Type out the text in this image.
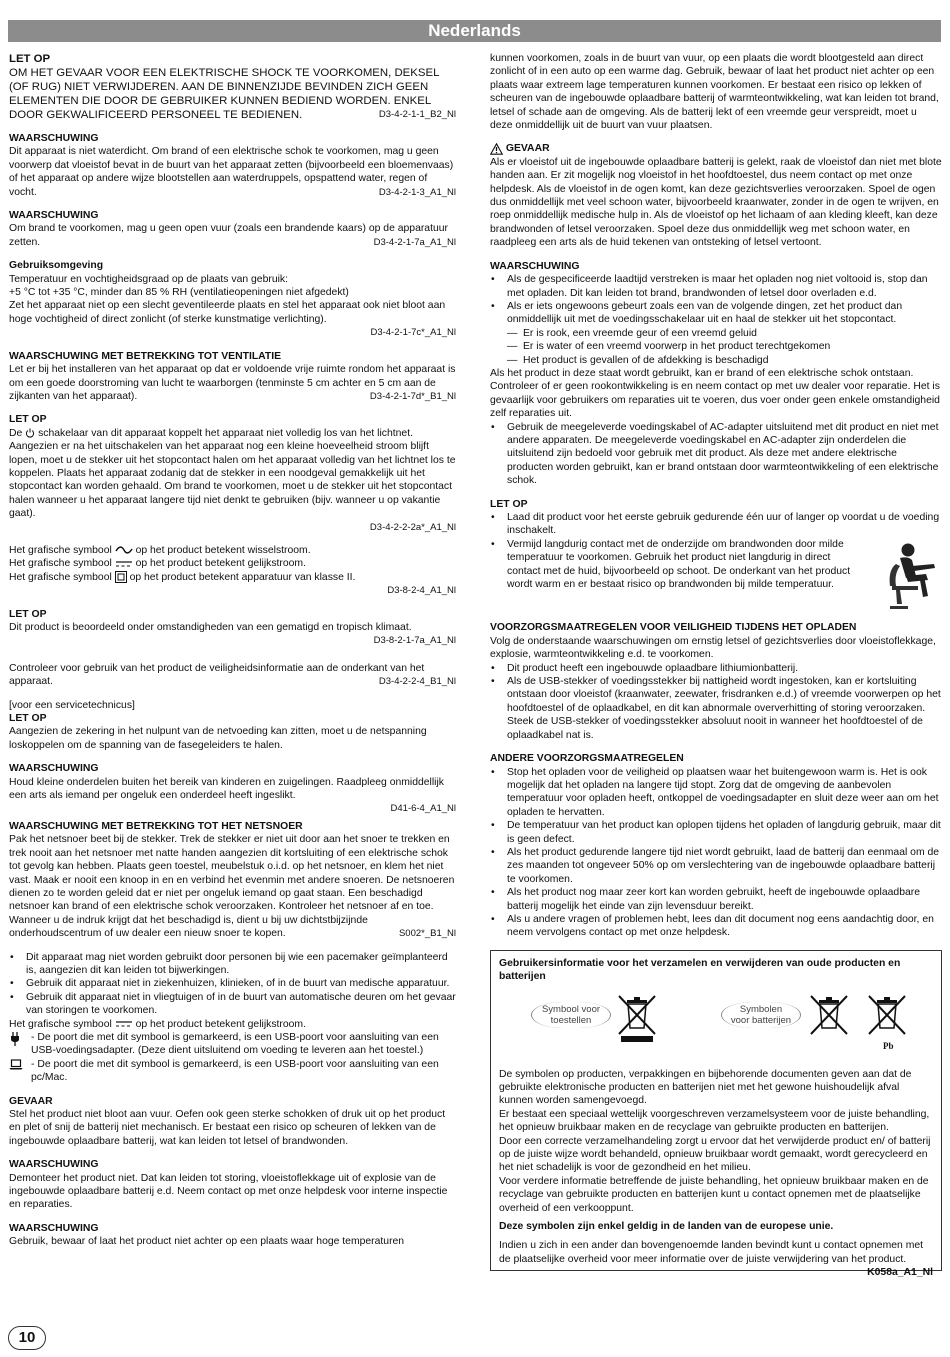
Nederlands
LET OP
OM HET GEVAAR VOOR EEN ELEKTRISCHE SHOCK TE VOORKOMEN, DEKSEL (OF RUG) NIET VERWIJDEREN. AAN DE BINNENZIJDE BEVINDEN ZICH GEEN ELEMENTEN DIE DOOR DE GEBRUIKER KUNNEN BEDIEND WORDEN. ENKEL DOOR GEKWALIFICEERD PERSONEEL TE BEDIENEN.	D3-4-2-1-1_B2_Nl
WAARSCHUWING
Dit apparaat is niet waterdicht. Om brand of een elektrische schok te voorkomen, mag u geen voorwerp dat vloeistof bevat in de buurt van het apparaat zetten (bijvoorbeeld een bloemenvaas) of het apparaat op andere wijze blootstellen aan waterdruppels, opspattend water, regen of vocht.	D3-4-2-1-3_A1_Nl
WAARSCHUWING
Om brand te voorkomen, mag u geen open vuur (zoals een brandende kaars) op de apparatuur zetten.	D3-4-2-1-7a_A1_Nl
Gebruiksomgeving
Temperatuur en vochtigheidsgraad op de plaats van gebruik:
+5 °C tot +35 °C, minder dan 85 % RH (ventilatieopeningen niet afgedekt)
Zet het apparaat niet op een slecht geventileerde plaats en stel het apparaat ook niet bloot aan hoge vochtigheid of direct zonlicht (of sterke kunstmatige verlichting).
D3-4-2-1-7c*_A1_Nl
WAARSCHUWING MET BETREKKING TOT VENTILATIE
Let er bij het installeren van het apparaat op dat er voldoende vrije ruimte rondom het apparaat is om een goede doorstroming van lucht te waarborgen (tenminste 5 cm achter en 5 cm aan de zijkanten van het apparaat).	D3-4-2-1-7d*_B1_Nl
LET OP
De schakelaar van dit apparaat koppelt het apparaat niet volledig los van het lichtnet. Aangezien er na het uitschakelen van het apparaat nog een kleine hoeveelheid stroom blijft lopen, moet u de stekker uit het stopcontact halen om het apparaat volledig van het lichtnet los te koppelen. Plaats het apparaat zodanig dat de stekker in een noodgeval gemakkelijk uit het stopcontact kan worden gehaald. Om brand te voorkomen, moet u de stekker uit het stopcontact halen wanneer u het apparaat langere tijd niet denkt te gebruiken (bijv. wanneer u op vakantie gaat).
D3-4-2-2-2a*_A1_Nl
Het grafische symbool op het product betekent wisselstroom.
Het grafische symbool op het product betekent gelijkstroom.
Het grafische symbool op het product betekent apparatuur van klasse II.
D3-8-2-4_A1_Nl
LET OP
Dit product is beoordeeld onder omstandigheden van een gematigd en tropisch klimaat.
D3-8-2-1-7a_A1_Nl
Controleer voor gebruik van het product de veiligheidsinformatie aan de onderkant van het apparaat.	D3-4-2-2-4_B1_Nl
[voor een servicetechnicus]
LET OP
Aangezien de zekering in het nulpunt van de netvoeding kan zitten, moet u de netspanning loskoppelen om de spanning van de fasegeleiders te halen.
WAARSCHUWING
Houd kleine onderdelen buiten het bereik van kinderen en zuigelingen. Raadpleeg onmiddellijk een arts als iemand per ongeluk een onderdeel heeft ingeslikt.
D41-6-4_A1_Nl
WAARSCHUWING MET BETREKKING TOT HET NETSNOER
Pak het netsnoer beet bij de stekker. Trek de stekker er niet uit door aan het snoer te trekken en trek nooit aan het netsnoer met natte handen aangezien dit kortsluiting of een elektrische schok tot gevolg kan hebben. Plaats geen toestel, meubelstuk o.i.d. op het netsnoer, en klem het niet vast. Maak er nooit een knoop in en en verbind het evenmin met andere snoeren. De netsnoeren dienen zo te worden geleid dat er niet per ongeluk iemand op gaat staan. Een beschadigd netsnoer kan brand of een elektrische schok veroorzaken. Kontroleer het netsnoer af en toe. Wanneer u de indruk krijgt dat het beschadigd is, dient u bij uw dichtstbijzijnde onderhoudscentrum of uw dealer een nieuw snoer te kopen.	S002*_B1_Nl
• Dit apparaat mag niet worden gebruikt door personen bij wie een pacemaker geïmplanteerd is, aangezien dit kan leiden tot bijwerkingen.
• Gebruik dit apparaat niet in ziekenhuizen, klinieken, of in de buurt van medische apparatuur.
• Gebruik dit apparaat niet in vliegtuigen of in de buurt van automatische deuren om het gevaar van storingen te voorkomen.
Het grafische symbool op het product betekent gelijkstroom.
- De poort die met dit symbool is gemarkeerd, is een USB-poort voor aansluiting van een USB-voedingsadapter. (Deze dient uitsluitend om voeding te leveren aan het toestel.)
- De poort die met dit symbool is gemarkeerd, is een USB-poort voor aansluiting van een pc/Mac.
GEVAAR
Stel het product niet bloot aan vuur. Oefen ook geen sterke schokken of druk uit op het product en plet of snij de batterij niet mechanisch. Er bestaat een risico op scheuren of lekken van de ingebouwde oplaadbare batterij, wat kan leiden tot letsel of brandwonden.
WAARSCHUWING
Demonteer het product niet. Dat kan leiden tot storing, vloeistoflekkage uit of explosie van de ingebouwde oplaadbare batterij e.d. Neem contact op met onze helpdesk voor interne inspectie en reparaties.
WAARSCHUWING
Gebruik, bewaar of laat het product niet achter op een plaats waar hoge temperaturen
kunnen voorkomen, zoals in de buurt van vuur, op een plaats die wordt blootgesteld aan direct zonlicht of in een auto op een warme dag. Gebruik, bewaar of laat het product niet achter op een plaats waar extreem lage temperaturen kunnen voorkomen. Er bestaat een risico op lekken of scheuren van de ingebouwde oplaadbare batterij of warmteontwikkeling, wat kan leiden tot brand, letsel of schade aan de omgeving. Als de batterij lekt of een vreemde geur verspreidt, moet u deze onmiddellijk uit de buurt van vuur plaatsen.
GEVAAR
Als er vloeistof uit de ingebouwde oplaadbare batterij is gelekt, raak de vloeistof dan niet met blote handen aan. Er zit mogelijk nog vloeistof in het hoofdtoestel, dus neem contact op met onze helpdesk. Als de vloeistof in de ogen komt, kan deze gezichtsverlies veroorzaken. Spoel de ogen dus onmiddellijk met veel schoon water, bijvoorbeeld kraanwater, zonder in de ogen te wrijven, en roep onmiddellijk medische hulp in. Als de vloeistof op het lichaam of aan kleding kleeft, kan deze brandwonden of letsel veroorzaken. Spoel deze dus onmiddellijk weg met schoon water, en raadpleeg een arts als de huid tekenen van ontsteking of letsel vertoont.
WAARSCHUWING
• Als de gespecificeerde laadtijd verstreken is maar het opladen nog niet voltooid is, stop dan met opladen. Dit kan leiden tot brand, brandwonden of letsel door overladen e.d.
• Als er iets ongewoons gebeurt zoals een van de volgende dingen, zet het product dan onmiddellijk uit met de voedingsschakelaar uit en haal de stekker uit het stopcontact.
— Er is rook, een vreemde geur of een vreemd geluid
— Er is water of een vreemd voorwerp in het product terechtgekomen
— Het product is gevallen of de afdekking is beschadigd
Als het product in deze staat wordt gebruikt, kan er brand of een elektrische schok ontstaan. Controleer of er geen rookontwikkeling is en neem contact op met uw dealer voor reparatie. Het is gevaarlijk voor gebruikers om reparaties uit te voeren, dus voer onder geen enkele omstandigheid zelf reparaties uit.
• Gebruik de meegeleverde voedingskabel of AC-adapter uitsluitend met dit product en niet met andere apparaten. De meegeleverde voedingskabel en AC-adapter zijn onderdelen die uitsluitend zijn bedoeld voor gebruik met dit product. Als deze met andere elektrische producten worden gebruikt, kan er brand ontstaan door warmteontwikkeling of een elektrische schok.
LET OP
• Laad dit product voor het eerste gebruik gedurende één uur of langer op voordat u de voeding inschakelt.
• Vermijd langdurig contact met de onderzijde om brandwonden door milde temperatuur te voorkomen. Gebruik het product niet langdurig in direct contact met de huid, bijvoorbeeld op schoot. De onderkant van het product wordt warm en er bestaat risico op brandwonden bij milde temperatuur.
VOORZORGSMAATREGELEN VOOR VEILIGHEID TIJDENS HET OPLADEN
Volg de onderstaande waarschuwingen om ernstig letsel of gezichtsverlies door vloeistoflekkage, explosie, warmteontwikkeling e.d. te voorkomen.
• Dit product heeft een ingebouwde oplaadbare lithiumionbatterij.
• Als de USB-stekker of voedingsstekker bij nattigheid wordt ingestoken, kan er kortsluiting ontstaan door vloeistof (kraanwater, zeewater, frisdranken e.d.) of vreemde voorwerpen op het hoofdtoestel of de oplaadkabel, en dit kan abnormale oververhitting of storing veroorzaken. Steek de USB-stekker of voedingsstekker absoluut nooit in wanneer het hoofdtoestel of de oplaadkabel nat is.
ANDERE VOORZORGSMAATREGELEN
• Stop het opladen voor de veiligheid op plaatsen waar het buitengewoon warm is. Het is ook mogelijk dat het opladen na langere tijd stopt. Zorg dat de omgeving de aanbevolen temperatuur voor opladen heeft, ontkoppel de voedingsadapter en sluit deze weer aan om het opladen te hervatten.
• De temperatuur van het product kan oplopen tijdens het opladen of langdurig gebruik, maar dit is geen defect.
• Als het product gedurende langere tijd niet wordt gebruikt, laad de batterij dan eenmaal om de zes maanden tot ongeveer 50% op om verslechtering van de ingebouwde oplaadbare batterij te voorkomen.
• Als het product nog maar zeer kort kan worden gebruikt, heeft de ingebouwde oplaadbare batterij mogelijk het einde van zijn levensduur bereikt.
• Als u andere vragen of problemen hebt, lees dan dit document nog eens aandachtig door, en neem vervolgens contact op met onze helpdesk.
Gebruikersinformatie voor het verzamelen en verwijderen van oude producten en batterijen
Symbool voor toestellen
Symbolen voor batterijen
Pb
De symbolen op producten, verpakkingen en bijbehorende documenten geven aan dat de gebruikte elektronische producten en batterijen niet met het gewone huishoudelijk afval kunnen worden samengevoegd.
Er bestaat een speciaal wettelijk voorgeschreven verzamelsysteem voor de juiste behandling, het opnieuw bruikbaar maken en de recyclage van gebruikte producten en batterijen.
Door een correcte verzamelhandeling zorgt u ervoor dat het verwijderde product en/ of batterij op de juiste wijze wordt behandeld, opnieuw bruikbaar wordt gemaakt, wordt gerecycleerd en het niet schadelijk is voor de gezondheid en het milieu.
Voor verdere informatie betreffende de juiste behandling, het opnieuw bruikbaar maken en de recyclage van gebruikte producten en batterijen kunt u contact opnemen met de plaatselijke overheid of een verkooppunt.
Deze symbolen zijn enkel geldig in de landen van de europese unie.
Indien u zich in een ander dan bovengenoemde landen bevindt kunt u contact opnemen met de plaatselijke overheid voor meer informatie over de juiste verwijdering van het product.
K058a_A1_Nl
10
